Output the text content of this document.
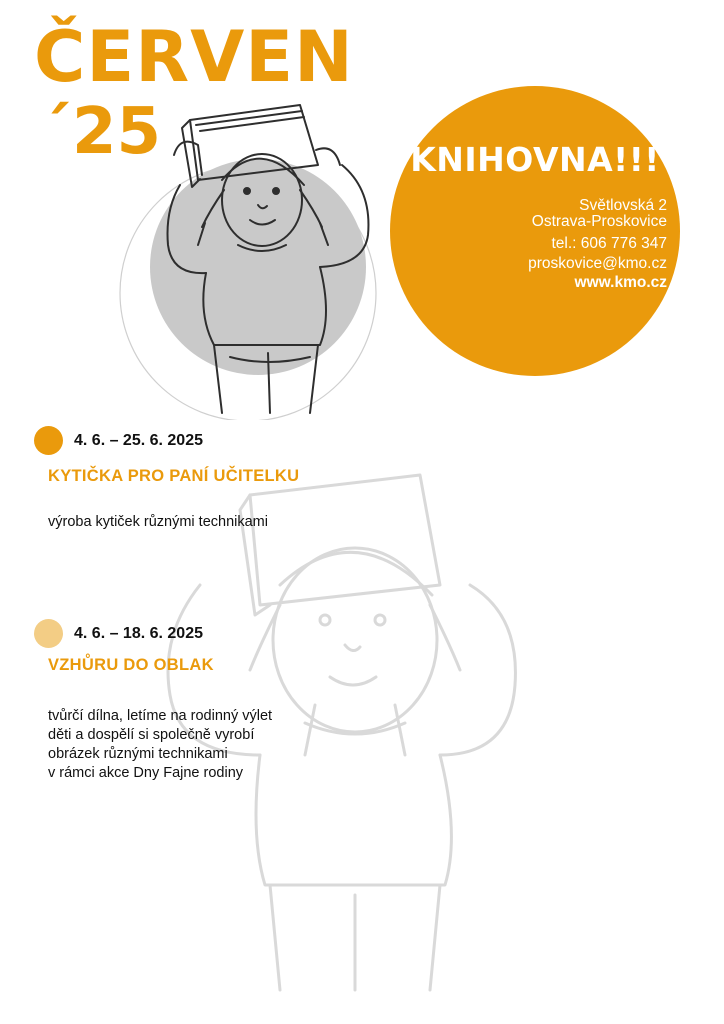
ČERVEN
´25	KNIHOVNA!!!
Světlovská 2
Ostrava-Proskovice
tel.: 606 776 347
proskovice@kmo.cz
www.kmo.cz
4. 6. – 25. 6. 2025
KYTIČKA PRO PANÍ UČITELKU
výroba kytiček různými technikami
4. 6. – 18. 6. 2025
VZHŮRU DO OBLAK
tvůrčí dílna, letíme na rodinný výlet
děti a dospělí si společně vyrobí
obrázek různými technikami
v rámci akce Dny Fajne rodiny
